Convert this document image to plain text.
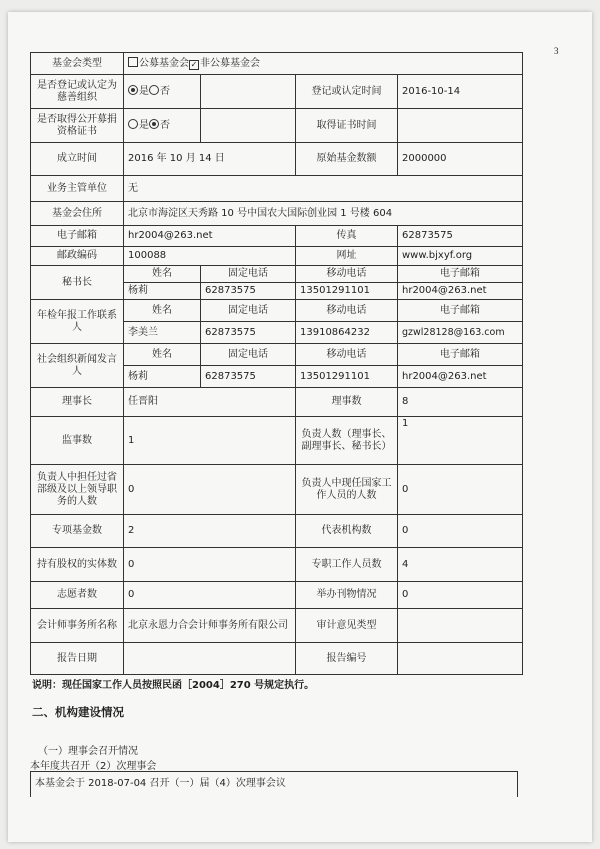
3
基金会类型	公募基金会 ✓ 非公募基金会			
是否登记或认定为慈善组织	是 否		登记或认定时间	2016-10-14
是否取得公开募捐资格证书	是 否		取得证书时间	
成立时间	2016 年 10 月 14 日		原始基金数额	2000000
业务主管单位	无			
基金会住所	北京市海淀区天秀路 10 号中国农大国际创业园 1 号楼 604			
电子邮箱	hr2004@263.net		传真	62873575
邮政编码	100088		网址	www.bjxyf.org
秘书长	姓名	固定电话	移动电话	电子邮箱
	杨莉	62873575	13501291101	hr2004@263.net
年检年报工作联系人	姓名	固定电话	移动电话	电子邮箱
	李美兰	62873575	13910864232	gzwl28128@163.com
社会组织新闻发言人	姓名	固定电话	移动电话	电子邮箱
	杨莉	62873575	13501291101	hr2004@263.net
理事长	任晋阳		理事数	8
监事数	1		负责人数（理事长、副理事长、秘书长）	1
负责人中担任过省部级及以上领导职务的人数	0		负责人中现任国家工作人员的人数	0
专项基金数	2		代表机构数	0
持有股权的实体数	0		专职工作人员数	4
志愿者数	0		举办刊物情况	0
会计师事务所名称	北京永恩力合会计师事务所有限公司		审计意见类型	
报告日期			报告编号	
说明：现任国家工作人员按照民函［2004］270 号规定执行。
二、机构建设情况
（一）理事会召开情况
本年度共召开（2）次理事会
本基金会于 2018-07-04 召开（一）届（4）次理事会议
